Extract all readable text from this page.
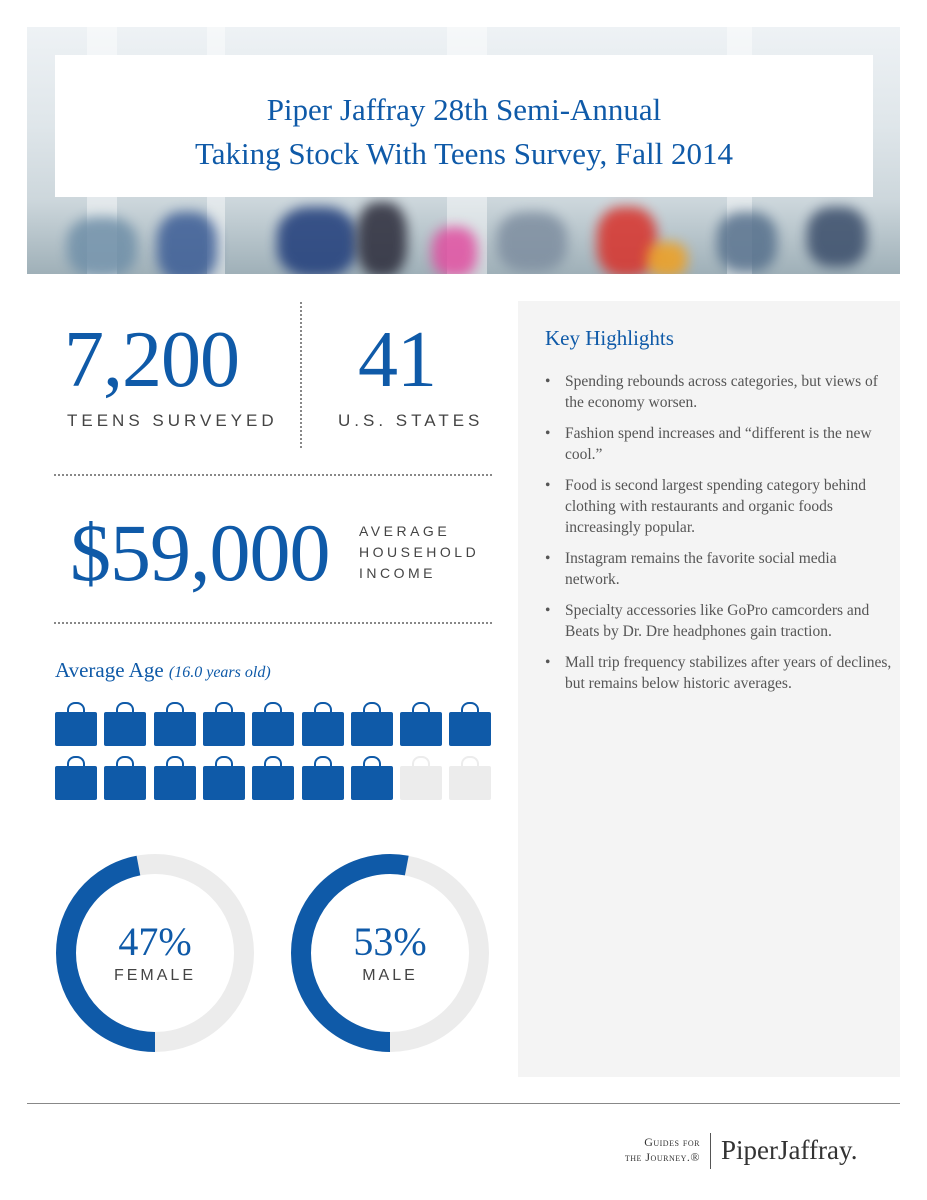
Piper Jaffray 28th Semi-Annual
Taking Stock With Teens Survey, Fall 2014
7,200
TEENS SURVEYED
41
U.S. STATES
$59,000 AVERAGE
HOUSEHOLD
INCOME
Average Age (16.0 years old)
47%
FEMALE
53%
MALE
Key Highlights
• Spending rebounds across categories, but views of the economy worsen.
• Fashion spend increases and “different is the new cool.”
• Food is second largest spending category behind clothing with restaurants and organic foods increasingly popular.
• Instagram remains the favorite social media network.
• Specialty accessories like GoPro camcorders and Beats by Dr. Dre headphones gain traction.
• Mall trip frequency stabilizes after years of declines, but remains below historic averages.
Guides for
the Journey.® PiperJaffray.
